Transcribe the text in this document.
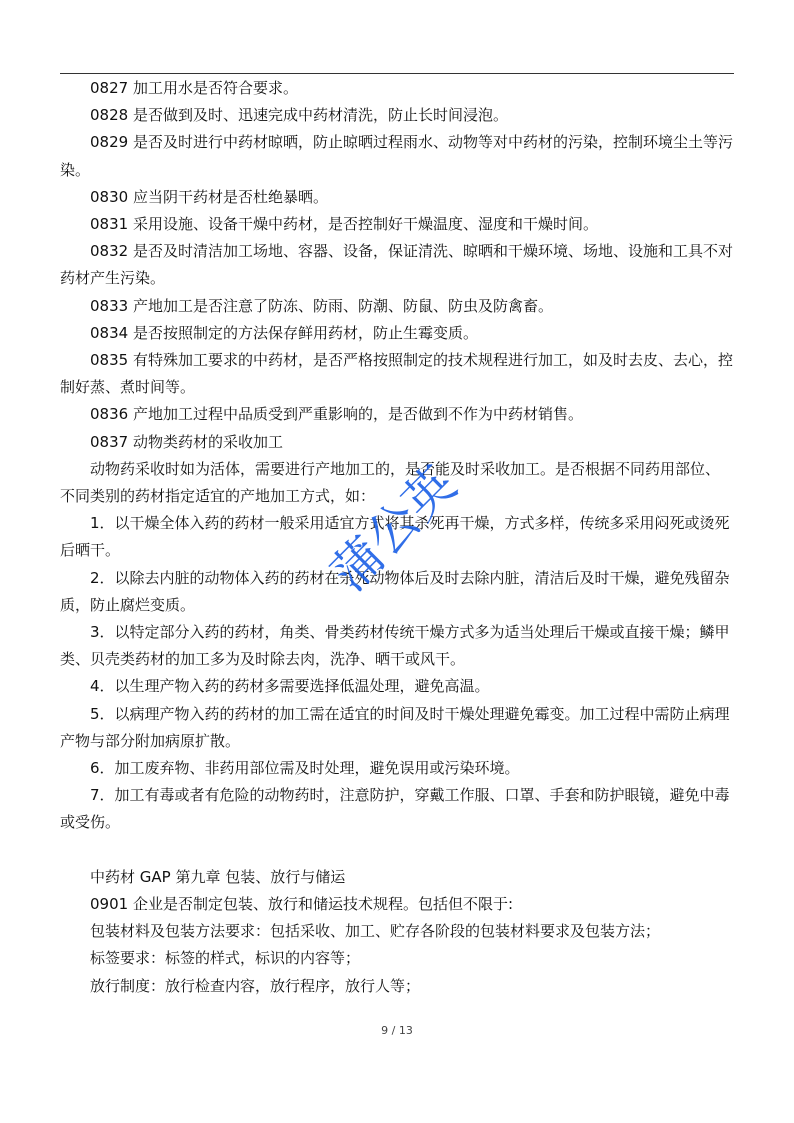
0827 加工用水是否符合要求。

0828 是否做到及时、迅速完成中药材清洗，防止长时间浸泡。

0829 是否及时进行中药材晾晒，防止晾晒过程雨水、动物等对中药材的污染，控制环境尘土等污染。

0830 应当阴干药材是否杜绝暴晒。

0831 采用设施、设备干燥中药材，是否控制好干燥温度、湿度和干燥时间。

0832 是否及时清洁加工场地、容器、设备，保证清洗、晾晒和干燥环境、场地、设施和工具不对药材产生污染。

0833 产地加工是否注意了防冻、防雨、防潮、防鼠、防虫及防禽畜。

0834 是否按照制定的方法保存鲜用药材，防止生霉变质。

0835 有特殊加工要求的中药材，是否严格按照制定的技术规程进行加工，如及时去皮、去心，控制好蒸、煮时间等。

0836 产地加工过程中品质受到严重影响的，是否做到不作为中药材销售。

0837 动物类药材的采收加工

动物药采收时如为活体，需要进行产地加工的，是否能及时采收加工。是否根据不同药用部位、不同类别的药材指定适宜的产地加工方式，如：

1．以干燥全体入药的药材一般采用适宜方式将其杀死再干燥，方式多样，传统多采用闷死或烫死后晒干。

2．以除去内脏的动物体入药的药材在杀死动物体后及时去除内脏，清洁后及时干燥，避免残留杂质，防止腐烂变质。

3．以特定部分入药的药材，角类、骨类药材传统干燥方式多为适当处理后干燥或直接干燥；鳞甲类、贝壳类药材的加工多为及时除去肉，洗净、晒干或风干。

4．以生理产物入药的药材多需要选择低温处理，避免高温。

5．以病理产物入药的药材的加工需在适宜的时间及时干燥处理避免霉变。加工过程中需防止病理产物与部分附加病原扩散。

6．加工废弃物、非药用部位需及时处理，避免误用或污染环境。

7．加工有毒或者有危险的动物药时，注意防护，穿戴工作服、口罩、手套和防护眼镜，避免中毒或受伤。

中药材 GAP 第九章 包装、放行与储运

0901 企业是否制定包装、放行和储运技术规程。包括但不限于:

包装材料及包装方法要求：包括采收、加工、贮存各阶段的包装材料要求及包装方法；

标签要求：标签的样式，标识的内容等；

放行制度：放行检查内容，放行程序，放行人等；

蒲公英
9 / 13
